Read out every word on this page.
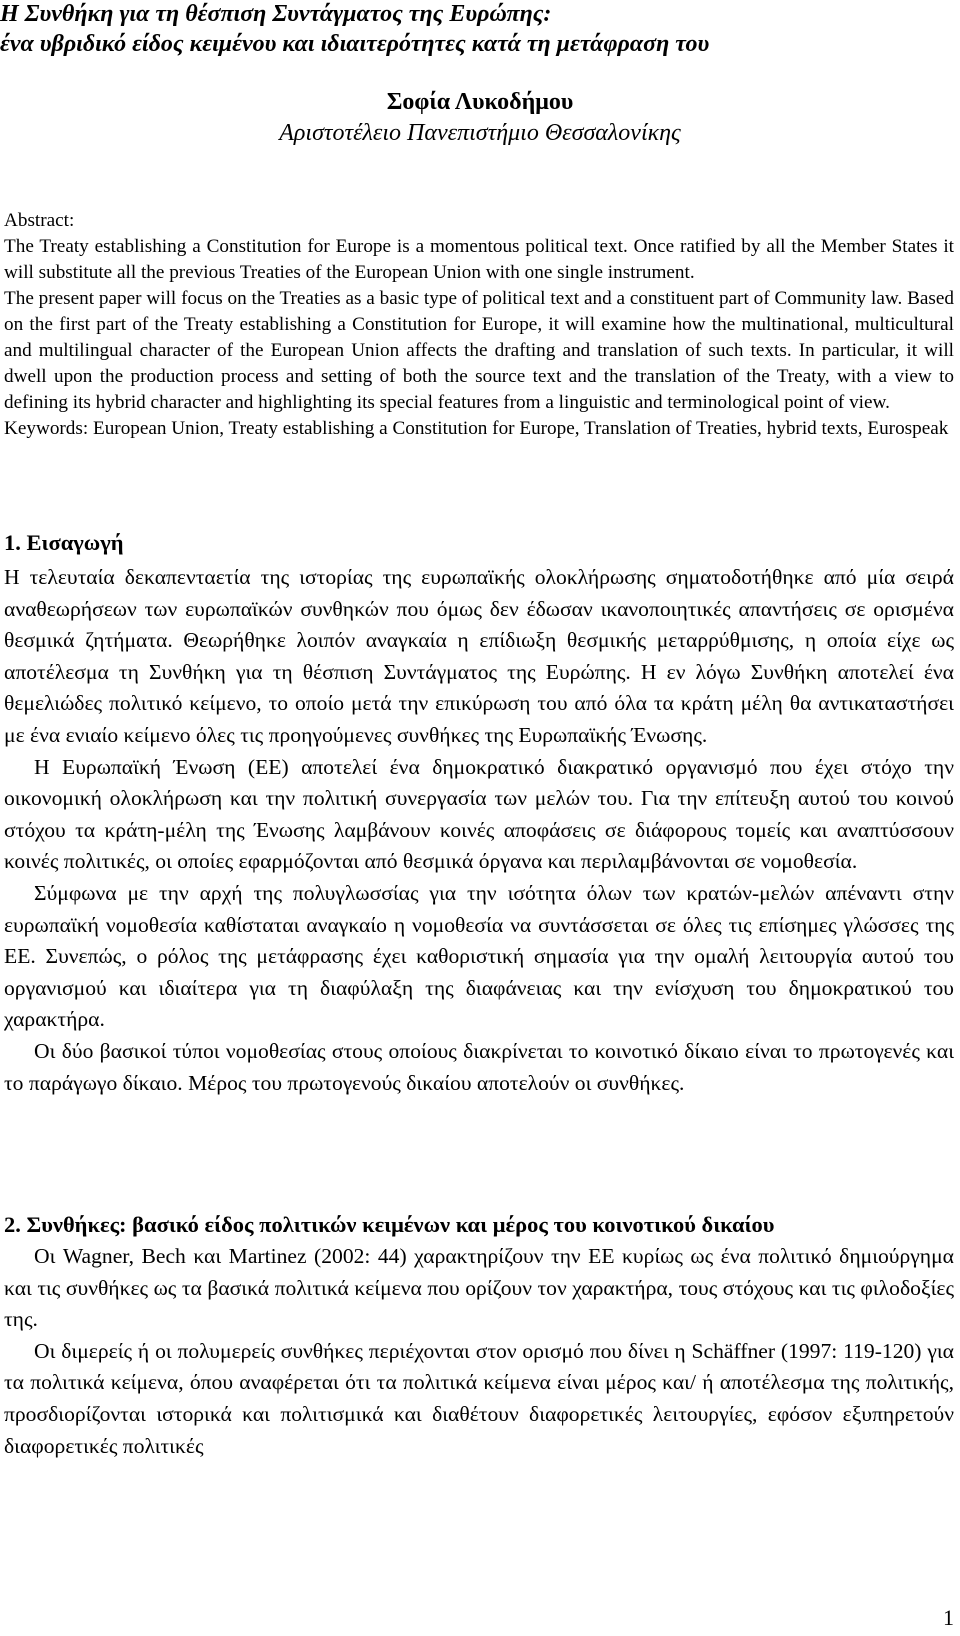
Η Συνθήκη για τη θέσπιση Συντάγματος της Ευρώπης:
ένα υβριδικό είδος κειμένου και ιδιαιτερότητες κατά τη μετάφραση του
Σοφία Λυκοδήμου
Αριστοτέλειο Πανεπιστήμιο Θεσσαλονίκης

Abstract:

The Treaty establishing a Constitution for Europe is a momentous political text. Once ratified by all the Member States it will substitute all the previous Treaties of the European Union with one single instrument.

The present paper will focus on the Treaties as a basic type of political text and a constituent part of Community law. Based on the first part of the Treaty establishing a Constitution for Europe, it will examine how the multinational, multicultural and multilingual character of the European Union affects the drafting and translation of such texts. In particular, it will dwell upon the production process and setting of both the source text and the translation of the Treaty, with a view to defining its hybrid character and highlighting its special features from a linguistic and terminological point of view.

Keywords: European Union, Treaty establishing a Constitution for Europe, Translation of Treaties, hybrid texts, Eurospeak

1. Εισαγωγή

Η τελευταία δεκαπενταετία της ιστορίας της ευρωπαϊκής ολοκλήρωσης σηματοδοτήθηκε από μία σειρά αναθεωρήσεων των ευρωπαϊκών συνθηκών που όμως δεν έδωσαν ικανοποιητικές απαντήσεις σε ορισμένα θεσμικά ζητήματα. Θεωρήθηκε λοιπόν αναγκαία η επίδιωξη θεσμικής μεταρρύθμισης, η οποία είχε ως αποτέλεσμα τη Συνθήκη για τη θέσπιση Συντάγματος της Ευρώπης. Η εν λόγω Συνθήκη αποτελεί ένα θεμελιώδες πολιτικό κείμενο, το οποίο μετά την επικύρωση του από όλα τα κράτη μέλη θα αντικαταστήσει με ένα ενιαίο κείμενο όλες τις προηγούμενες συνθήκες της Ευρωπαϊκής Ένωσης.

Η Ευρωπαϊκή Ένωση (ΕΕ) αποτελεί ένα δημοκρατικό διακρατικό οργανισμό που έχει στόχο την οικονομική ολοκλήρωση και την πολιτική συνεργασία των μελών του. Για την επίτευξη αυτού του κοινού στόχου τα κράτη-μέλη της Ένωσης λαμβάνουν κοινές αποφάσεις σε διάφορους τομείς και αναπτύσσουν κοινές πολιτικές, οι οποίες εφαρμόζονται από θεσμικά όργανα και περιλαμβάνονται σε νομοθεσία.

Σύμφωνα με την αρχή της πολυγλωσσίας για την ισότητα όλων των κρατών-μελών απέναντι στην ευρωπαϊκή νομοθεσία καθίσταται αναγκαίο η νομοθεσία να συντάσσεται σε όλες τις επίσημες γλώσσες της ΕΕ. Συνεπώς, ο ρόλος της μετάφρασης έχει καθοριστική σημασία για την ομαλή λειτουργία αυτού του οργανισμού και ιδιαίτερα για τη διαφύλαξη της διαφάνειας και την ενίσχυση του δημοκρατικού του χαρακτήρα.

Οι δύο βασικοί τύποι νομοθεσίας στους οποίους διακρίνεται το κοινοτικό δίκαιο είναι το πρωτογενές και το παράγωγο δίκαιο. Μέρος του πρωτογενούς δικαίου αποτελούν οι συνθήκες.

2. Συνθήκες: βασικό είδος πολιτικών κειμένων και μέρος του κοινοτικού δικαίου

Οι Wagner, Bech και Martinez (2002: 44) χαρακτηρίζουν την ΕΕ κυρίως ως ένα πολιτικό δημιούργημα και τις συνθήκες ως τα βασικά πολιτικά κείμενα που ορίζουν τον χαρακτήρα, τους στόχους και τις φιλοδοξίες της.

Οι διμερείς ή οι πολυμερείς συνθήκες περιέχονται στον ορισμό που δίνει η Schäffner (1997: 119-120) για τα πολιτικά κείμενα, όπου αναφέρεται ότι τα πολιτικά κείμενα είναι μέρος και/ ή αποτέλεσμα της πολιτικής, προσδιορίζονται ιστορικά και πολιτισμικά και διαθέτουν διαφορετικές λειτουργίες, εφόσον εξυπηρετούν διαφορετικές πολιτικές

1
